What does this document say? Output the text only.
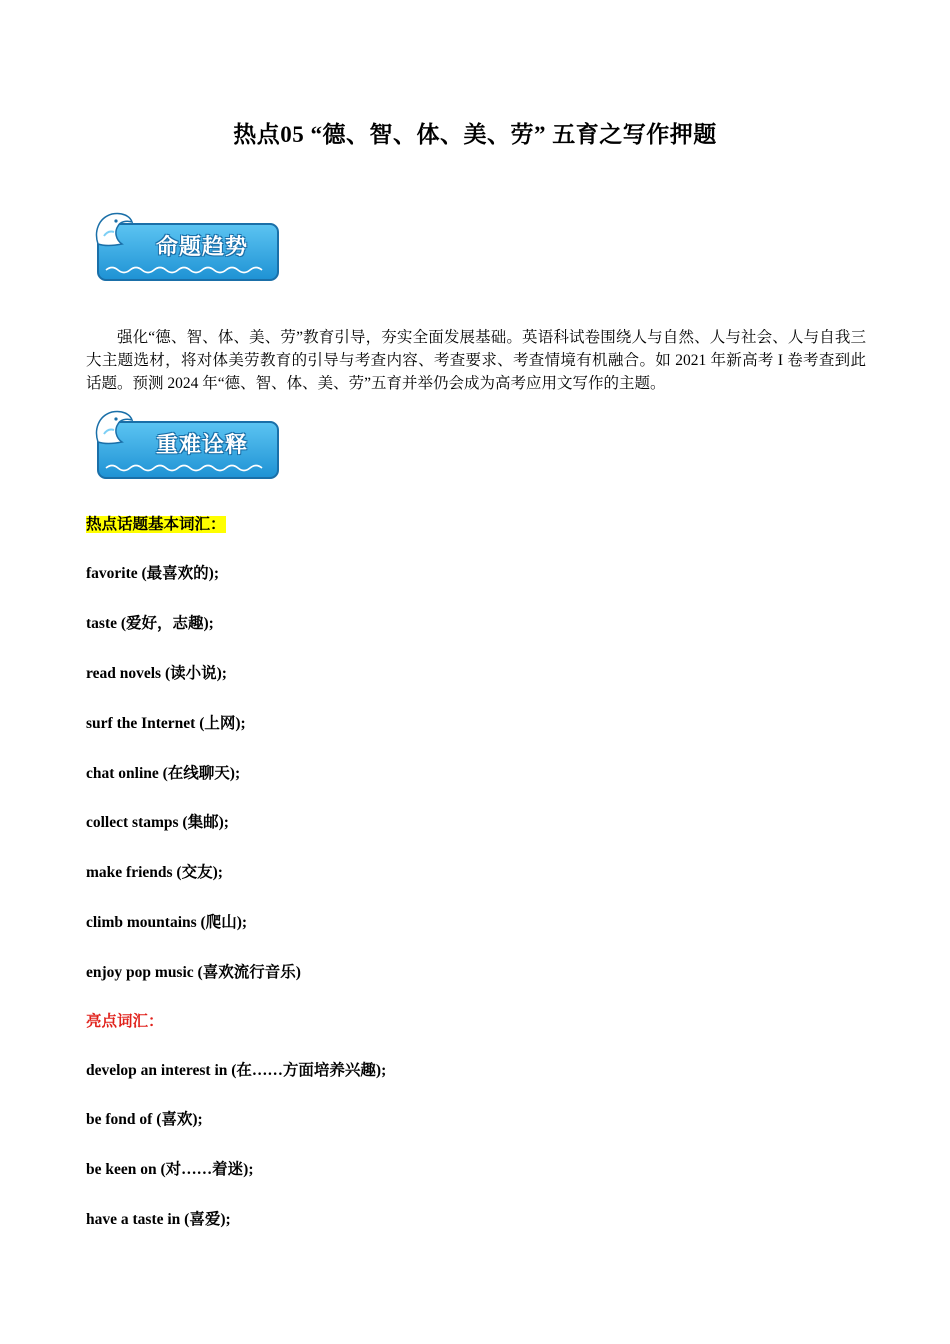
热点05 “德、智、体、美、劳” 五育之写作押题
命题趋势

强化“德、智、体、美、劳”教育引导，夯实全面发展基础。英语科试卷围绕人与自然、人与社会、人与自我三大主题选材，将对体美劳教育的引导与考查内容、考查要求、考查情境有机融合。如 2021 年新高考 I 卷考查到此话题。预测 2024 年“德、智、体、美、劳”五育并举仍会成为高考应用文写作的主题。

重难诠释

热点话题基本词汇：

favorite (最喜欢的);

taste (爱好，志趣);

read novels (读小说);

surf the Internet (上网);

chat online (在线聊天);

collect stamps (集邮);

make friends (交友);

climb mountains (爬山);

enjoy pop music (喜欢流行音乐)

亮点词汇：

develop an interest in (在……方面培养兴趣);

be fond of (喜欢);

be keen on (对……着迷);

have a taste in (喜爱);
